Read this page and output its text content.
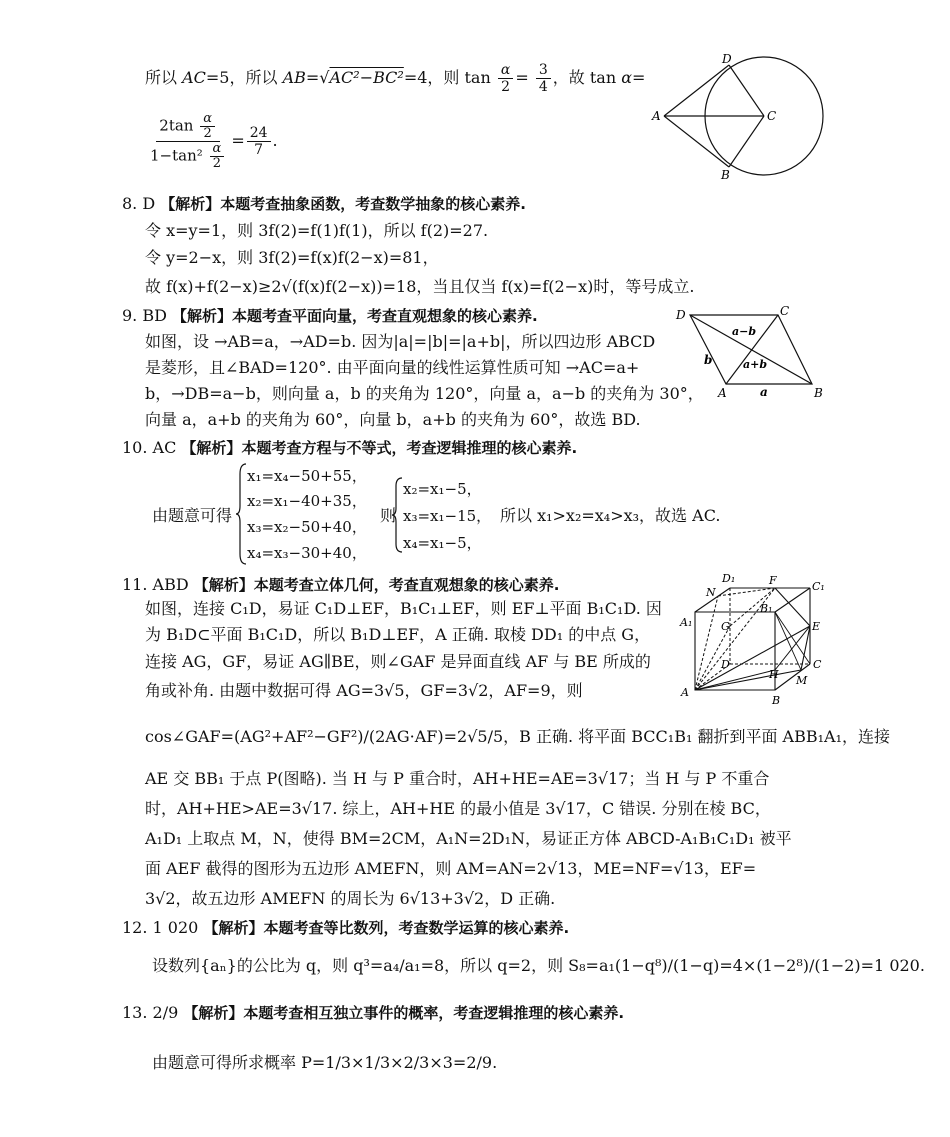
所以 AC=5，所以 AB=√AC²−BC²=4，则 $\tan \frac{\alpha}{2} = \frac{3}{4}$ ，故 tan α=
$\frac{2\tan \frac{\alpha}{2}}{1-\tan^2 \frac{\alpha}{2}} = \frac{24}{7}$ .
D
A	C
B
8. D 【解析】本题考查抽象函数，考查数学抽象的核心素养.
令 x=y=1，则 3f(2)=f(1)f(1)，所以 f(2)=27.
令 y=2−x，则 3f(2)=f(x)f(2−x)=81，
故 f(x)+f(2−x)≥2√(f(x)f(2−x))=18，当且仅当 f(x)=f(2−x)时，等号成立.
9. BD 【解析】本题考查平面向量，考查直观想象的核心素养.
如图，设 →AB=a，→AD=b. 因为|a|=|b|=|a+b|，所以四边形 ABCD
是菱形，且∠BAD=120°. 由平面向量的线性运算性质可知 →AC=a+
b，→DB=a−b，则向量 a，b 的夹角为 120°，向量 a，a−b 的夹角为 30°，
向量 a，a+b 的夹角为 60°，向量 b，a+b 的夹角为 60°，故选 BD.
D	C
a−b
b	a+b
A	a	B
10. AC 【解析】本题考查方程与不等式，考查逻辑推理的核心素养.
由题意可得
x₁=x₄−50+55，
x₂=x₁−40+35，
x₃=x₂−50+40，
x₄=x₃−30+40，
则
x₂=x₁−5，
x₃=x₁−15，
x₄=x₁−5，
所以 x₁>x₂=x₄>x₃，故选 AC.
11. ABD 【解析】本题考查立体几何，考查直观想象的核心素养.
如图，连接 C₁D，易证 C₁D⊥EF，B₁C₁⊥EF，则 EF⊥平面 B₁C₁D. 因
为 B₁D⊂平面 B₁C₁D，所以 B₁D⊥EF，A 正确. 取棱 DD₁ 的中点 G，
连接 AG，GF，易证 AG∥BE，则∠GAF 是异面直线 AF 与 BE 所成的
角或补角. 由题中数据可得 AG=3√5，GF=3√2，AF=9，则
cos∠GAF=(AG²+AF²−GF²)/(2AG·AF)=2√5/5，B 正确. 将平面 BCC₁B₁ 翻折到平面 ABB₁A₁，连接
AE 交 BB₁ 于点 P(图略). 当 H 与 P 重合时，AH+HE=AE=3√17；当 H 与 P 不重合
时，AH+HE>AE=3√17. 综上，AH+HE 的最小值是 3√17，C 错误. 分别在棱 BC，
A₁D₁ 上取点 M，N，使得 BM=2CM，A₁N=2D₁N，易证正方体 ABCD-A₁B₁C₁D₁ 被平
面 AEF 截得的图形为五边形 AMEFN，则 AM=AN=2√13，ME=NF=√13，EF=
3√2，故五边形 AMEFN 的周长为 6√13+3√2，D 正确.
D₁	F	C₁
N
B₁
A₁	G	E
D	C
H M
A
B
12. 1 020 【解析】本题考查等比数列，考查数学运算的核心素养.
设数列{aₙ}的公比为 q，则 q³=a₄/a₁=8，所以 q=2，则 S₈=a₁(1−q⁸)/(1−q)=4×(1−2⁸)/(1−2)=1 020.
13. 2/9 【解析】本题考查相互独立事件的概率，考查逻辑推理的核心素养.
由题意可得所求概率 P=1/3×1/3×2/3×3=2/9.
